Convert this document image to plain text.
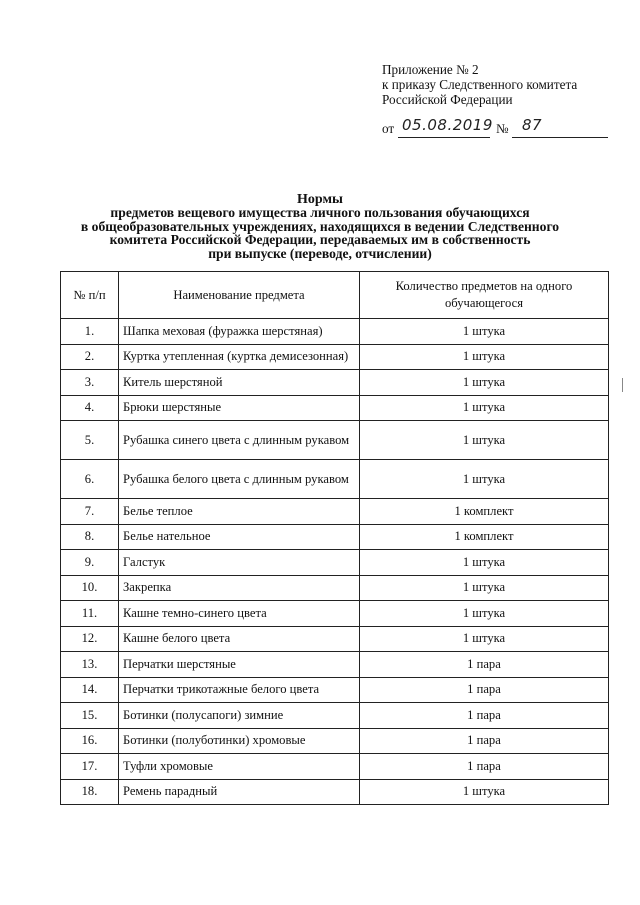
Приложение № 2
к приказу Следственного комитета
Российской Федерации
от 05.08.2019 № 87
Нормы
предметов вещевого имущества личного пользования обучающихся
в общеобразовательных учреждениях, находящихся в ведении Следственного
комитета Российской Федерации, передаваемых им в собственность
при выпуске (переводе, отчислении)
№ п/п	Наименование предмета	Количество предметов на одного обучающегося
1.	Шапка меховая (фуражка шерстяная)	1 штука
2.	Куртка утепленная (куртка демисезонная)	1 штука
3.	Китель шерстяной	1 штука
4.	Брюки шерстяные	1 штука
5.	Рубашка синего цвета с длинным рукавом	1 штука
6.	Рубашка белого цвета с длинным рукавом	1 штука
7.	Белье теплое	1 комплект
8.	Белье нательное	1 комплект
9.	Галстук	1 штука
10.	Закрепка	1 штука
11.	Кашне темно-синего цвета	1 штука
12.	Кашне белого цвета	1 штука
13.	Перчатки шерстяные	1 пара
14.	Перчатки трикотажные белого цвета	1 пара
15.	Ботинки (полусапоги) зимние	1 пара
16.	Ботинки (полуботинки) хромовые	1 пара
17.	Туфли хромовые	1 пара
18.	Ремень парадный	1 штука
